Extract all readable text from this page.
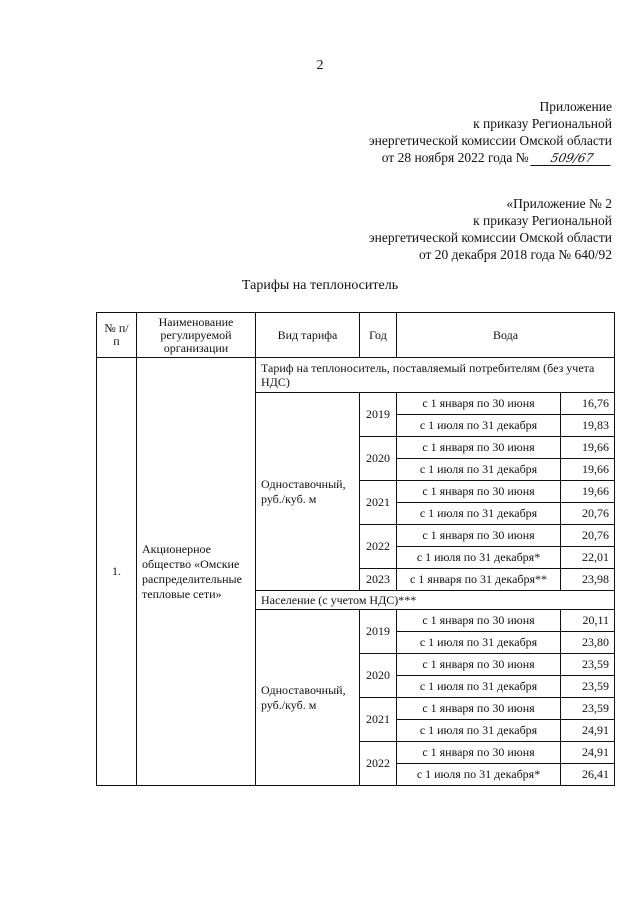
2
Приложение
к приказу Региональной
энергетической комиссии Омской области
от 28 ноября 2022 года № 509/67
«Приложение № 2
к приказу Региональной
энергетической комиссии Омской области
от 20 декабря 2018 года № 640/92
Тарифы на теплоноситель
№ п/п	Наименование регулируемой организации	Вид тарифа	Год	Вода	
1.	Акционерное общество «Омские распределительные тепловые сети»	Тариф на теплоноситель, поставляемый потребителям (без учета НДС)			
		Одноставочный, руб./куб. м	2019	с 1 января по 30 июня	16,76
				с 1 июля по 31 декабря	19,83
			2020	с 1 января по 30 июня	19,66
				с 1 июля по 31 декабря	19,66
			2021	с 1 января по 30 июня	19,66
				с 1 июля по 31 декабря	20,76
			2022	с 1 января по 30 июня	20,76
				с 1 июля по 31 декабря*	22,01
			2023	с 1 января по 31 декабря**	23,98
		Население (с учетом НДС)***			
		Одноставочный, руб./куб. м	2019	с 1 января по 30 июня	20,11
				с 1 июля по 31 декабря	23,80
			2020	с 1 января по 30 июня	23,59
				с 1 июля по 31 декабря	23,59
			2021	с 1 января по 30 июня	23,59
				с 1 июля по 31 декабря	24,91
			2022	с 1 января по 30 июня	24,91
				с 1 июля по 31 декабря*	26,41
